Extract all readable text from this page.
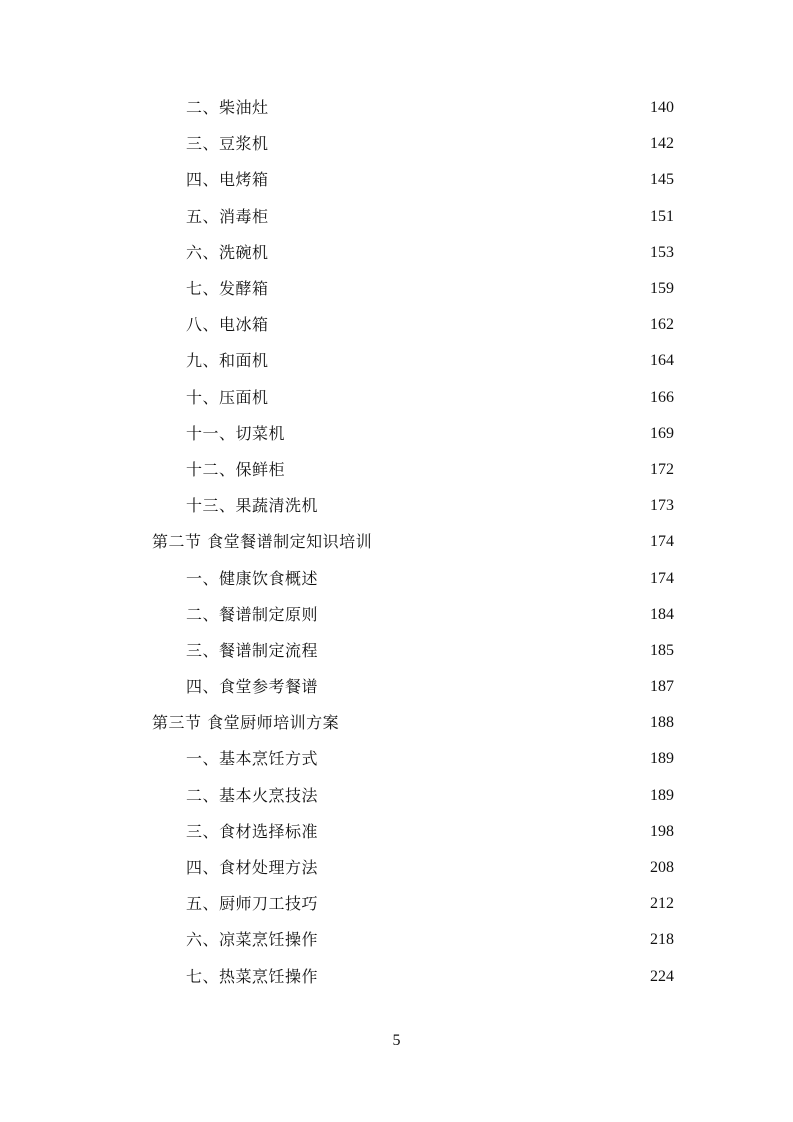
二、柴油灶	140
三、豆浆机	142
四、电烤箱	145
五、消毒柜	151
六、洗碗机	153
七、发酵箱	159
八、电冰箱	162
九、和面机	164
十、压面机	166
十一、切菜机	169
十二、保鲜柜	172
十三、果蔬清洗机	173
第二节 食堂餐谱制定知识培训	174
一、健康饮食概述	174
二、餐谱制定原则	184
三、餐谱制定流程	185
四、食堂参考餐谱	187
第三节 食堂厨师培训方案	188
一、基本烹饪方式	189
二、基本火烹技法	189
三、食材选择标准	198
四、食材处理方法	208
五、厨师刀工技巧	212
六、凉菜烹饪操作	218
七、热菜烹饪操作	224
5
